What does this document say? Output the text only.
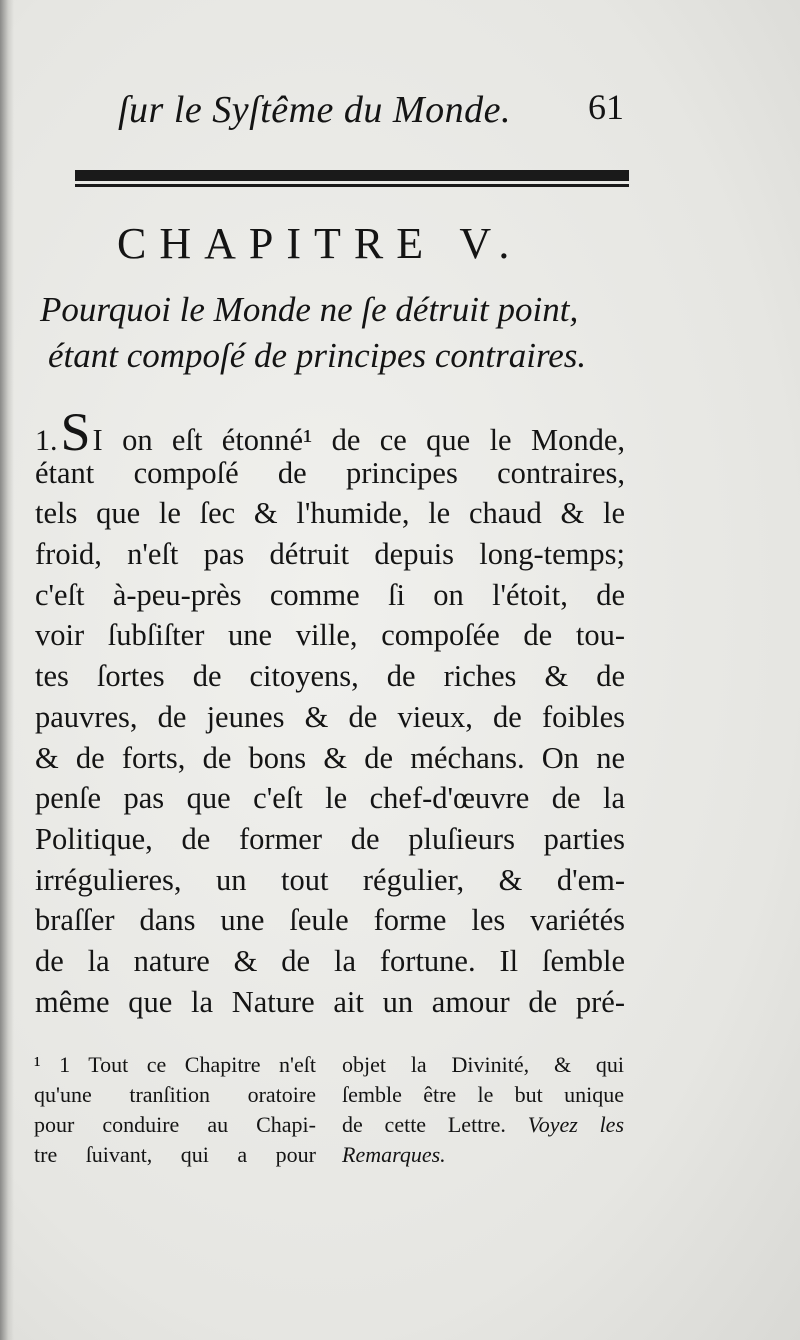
ſur le Syſtême du Monde. 61
CHAPITRE V.
Pourquoi le Monde ne ſe détruit point,
étant compoſé de principes contraires.
1. S I on eſt étonné¹ de ce que le Monde,
étant compoſé de principes contraires,
tels que le ſec & l'humide, le chaud & le
froid, n'eſt pas détruit depuis long-temps;
c'eſt à-peu-près comme ſi on l'étoit, de
voir ſubſiſter une ville, compoſée de tou-
tes ſortes de citoyens, de riches & de
pauvres, de jeunes & de vieux, de foibles
& de forts, de bons & de méchans. On ne
penſe pas que c'eſt le chef-d'œuvre de la
Politique, de former de pluſieurs parties
irrégulieres, un tout régulier, & d'em-
braſſer dans une ſeule forme les variétés
de la nature & de la fortune. Il ſemble
même que la Nature ait un amour de pré-
¹ 1 Tout ce Chapitre n'eſt
qu'une tranſition oratoire
pour conduire au Chapi-
tre ſuivant, qui a pour
objet la Divinité, & qui
ſemble être le but unique
de cette Lettre. Voyez les
Remarques.
